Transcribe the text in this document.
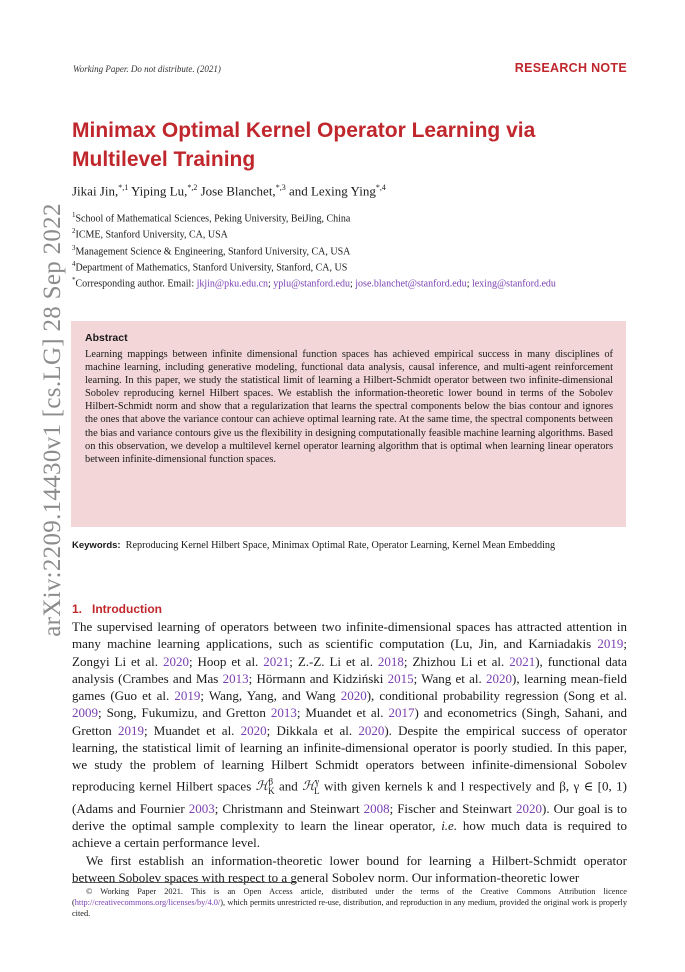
arXiv:2209.14430v1 [cs.LG] 28 Sep 2022
Working Paper. Do not distribute. (2021)	RESEARCH NOTE
Minimax Optimal Kernel Operator Learning via
Multilevel Training
Jikai Jin,$^{*,1}$ Yiping Lu,$^{*,2}$ Jose Blanchet,$^{*,3}$ and Lexing Ying$^{*,4}$
$^1$School of Mathematical Sciences, Peking University, BeiJing, China
$^2$ICME, Stanford University, CA, USA
$^3$Management Science & Engineering, Stanford University, CA, USA
$^4$Department of Mathematics, Stanford University, Stanford, CA, US
*Corresponding author. Email: jkjin@pku.edu.cn; yplu@stanford.edu; jose.blanchet@stanford.edu; lexing@stanford.edu
Abstract
Learning mappings between infinite dimensional function spaces has achieved empirical success in many disciplines of machine learning, including generative modeling, functional data analysis, causal inference, and multi-agent reinforcement learning. In this paper, we study the statistical limit of learning a Hilbert-Schmidt operator between two infinite-dimensional Sobolev reproducing kernel Hilbert spaces. We establish the information-theoretic lower bound in terms of the Sobolev Hilbert-Schmidt norm and show that a regularization that learns the spectral components below the bias contour and ignores the ones that above the variance contour can achieve optimal learning rate. At the same time, the spectral components between the bias and variance contours give us the flexibility in designing computationally feasible machine learning algorithms. Based on this observation, we develop a multilevel kernel operator learning algorithm that is optimal when learning linear operators between infinite-dimensional function spaces.
Keywords: Reproducing Kernel Hilbert Space, Minimax Optimal Rate, Operator Learning, Kernel Mean Embedding
1. Introduction

The supervised learning of operators between two infinite-dimensional spaces has attracted attention in many machine learning applications, such as scientific computation (Lu, Jin, and Karniadakis 2019; Zongyi Li et al. 2020; Hoop et al. 2021; Z.-Z. Li et al. 2018; Zhizhou Li et al. 2021), functional data analysis (Crambes and Mas 2013; Hörmann and Kidziński 2015; Wang et al. 2020), learning mean-field games (Guo et al. 2019; Wang, Yang, and Wang 2020), conditional probability regression (Song et al. 2009; Song, Fukumizu, and Gretton 2013; Muandet et al. 2017) and econometrics (Singh, Sahani, and Gretton 2019; Muandet et al. 2020; Dikkala et al. 2020). Despite the empirical success of operator learning, the statistical limit of learning an infinite-dimensional operator is poorly studied. In this paper, we study the problem of learning Hilbert Schmidt operators between infinite-dimensional Sobolev reproducing kernel Hilbert spaces ℋ$^\beta_K$ and ℋ$^\gamma_L$ with given kernels k and l respectively and β, γ ∈ [0, 1) (Adams and Fournier 2003; Christmann and Steinwart 2008; Fischer and Steinwart 2020). Our goal is to derive the optimal sample complexity to learn the linear operator, i.e. how much data is required to achieve a certain performance level.

We first establish an information-theoretic lower bound for learning a Hilbert-Schmidt operator between Sobolev spaces with respect to a general Sobolev norm. Our information-theoretic lower

© Working Paper 2021. This is an Open Access article, distributed under the terms of the Creative Commons Attribution licence (http://creativecommons.org/licenses/by/4.0/), which permits unrestricted re-use, distribution, and reproduction in any medium, provided the original work is properly cited.
